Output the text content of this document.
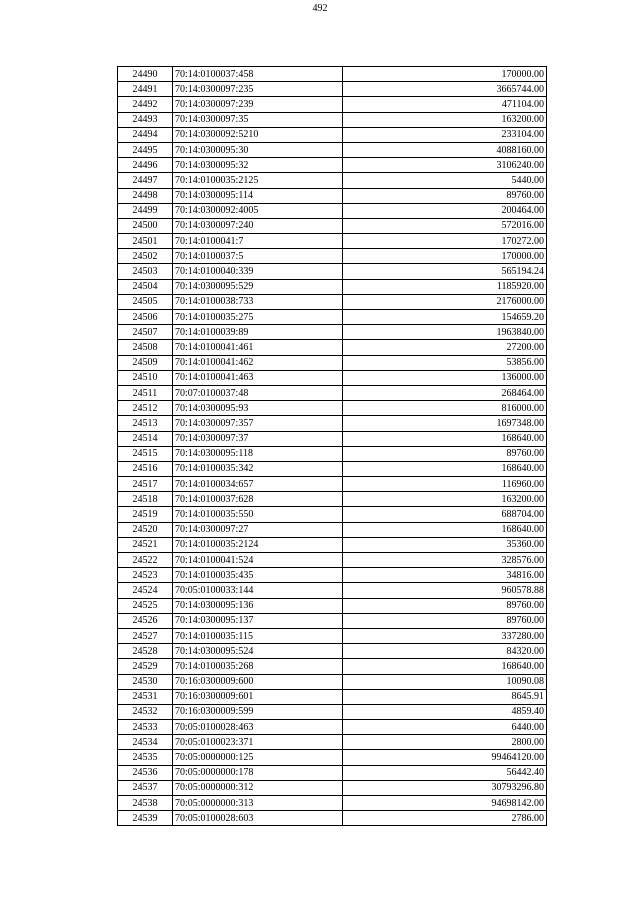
492
24490	70:14:0100037:458	170000.00
24491	70:14:0300097:235	3665744.00
24492	70:14:0300097:239	471104.00
24493	70:14:0300097:35	163200.00
24494	70:14:0300092:5210	233104.00
24495	70:14:0300095:30	4088160.00
24496	70:14:0300095:32	3106240.00
24497	70:14:0100035:2125	5440.00
24498	70:14:0300095:114	89760.00
24499	70:14:0300092:4005	200464.00
24500	70:14:0300097:240	572016.00
24501	70:14:0100041:7	170272.00
24502	70:14:0100037:5	170000.00
24503	70:14:0100040:339	565194.24
24504	70:14:0300095:529	1185920.00
24505	70:14:0100038:733	2176000.00
24506	70:14:0100035:275	154659.20
24507	70:14:0100039:89	1963840.00
24508	70:14:0100041:461	27200.00
24509	70:14:0100041:462	53856.00
24510	70:14:0100041:463	136000.00
24511	70:07:0100037:48	268464.00
24512	70:14:0300095:93	816000.00
24513	70:14:0300097:357	1697348.00
24514	70:14:0300097:37	168640.00
24515	70:14:0300095:118	89760.00
24516	70:14:0100035:342	168640.00
24517	70:14:0100034:657	116960.00
24518	70:14:0100037:628	163200.00
24519	70:14:0100035:550	688704.00
24520	70:14:0300097:27	168640.00
24521	70:14:0100035:2124	35360.00
24522	70:14:0100041:524	328576.00
24523	70:14:0100035:435	34816.00
24524	70:05:0100033:144	960578.88
24525	70:14:0300095:136	89760.00
24526	70:14:0300095:137	89760.00
24527	70:14:0100035:115	337280.00
24528	70:14:0300095:524	84320.00
24529	70:14:0100035:268	168640.00
24530	70:16:0300009:600	10090.08
24531	70:16:0300009:601	8645.91
24532	70:16:0300009:599	4859.40
24533	70:05:0100028:463	6440.00
24534	70:05:0100023:371	2800.00
24535	70:05:0000000:125	99464120.00
24536	70:05:0000000:178	56442.40
24537	70:05:0000000:312	30793296.80
24538	70:05:0000000:313	94698142.00
24539	70:05:0100028:603	2786.00
